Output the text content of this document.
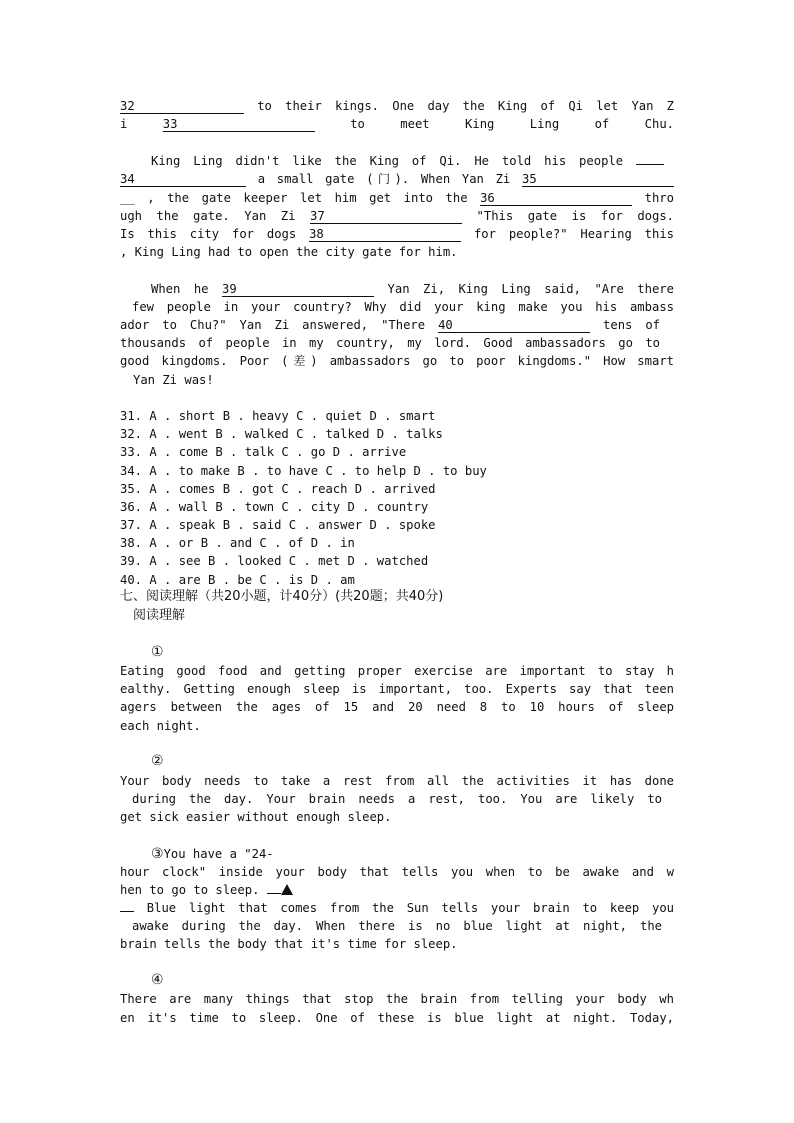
32	to their kings. One day the King of Qi let Yan Z
i	33	to meet King Ling of Chu.
King Ling didn't like the King of Qi. He told his people
34	a small gate (门). When Yan Zi 35
__ , the gate keeper let him get into the 36	thro
ugh the gate. Yan Zi 37	"This gate is for dogs.
Is this city for dogs 38	for people?" Hearing this
, King Ling had to open the city gate for him.
When he 39	Yan Zi, King Ling said, "Are there
few people in your country? Why did your king make you his ambass
ador to Chu?" Yan Zi answered, "There 40	tens of
thousands of people in my country, my lord. Good ambassadors go to
good kingdoms. Poor (差) ambassadors go to poor kingdoms." How smart
Yan Zi was!
31. A . short B . heavy C . quiet D . smart
32. A . went B . walked C . talked D . talks
33. A . come B . talk C . go D . arrive
34. A . to make B . to have C . to help D . to buy
35. A . comes B . got C . reach D . arrived
36. A . wall B . town C . city D . country
37. A . speak B . said C . answer D . spoke
38. A . or B . and C . of D . in
39. A . see B . looked C . met D . watched
40. A . are B . be C . is D . am
七、阅读理解（共20小题，计40分）(共20题；共40分)
阅读理解
①
Eating good food and getting proper exercise are important to stay h
ealthy. Getting enough sleep is important, too. Experts say that teen
agers between the ages of 15 and 20 need 8 to 10 hours of sleep
each night.
②
Your body needs to take a rest from all the activities it has done
during the day. Your brain needs a rest, too. You are likely to
get sick easier without enough sleep.
③You have a "24-
hour clock" inside your body that tells you when to be awake and w
hen to go to sleep.
Blue light that comes from the Sun tells your brain to keep you
awake during the day. When there is no blue light at night, the
brain tells the body that it's time for sleep.
④
There are many things that stop the brain from telling your body wh
en it's time to sleep. One of these is blue light at night. Today,
